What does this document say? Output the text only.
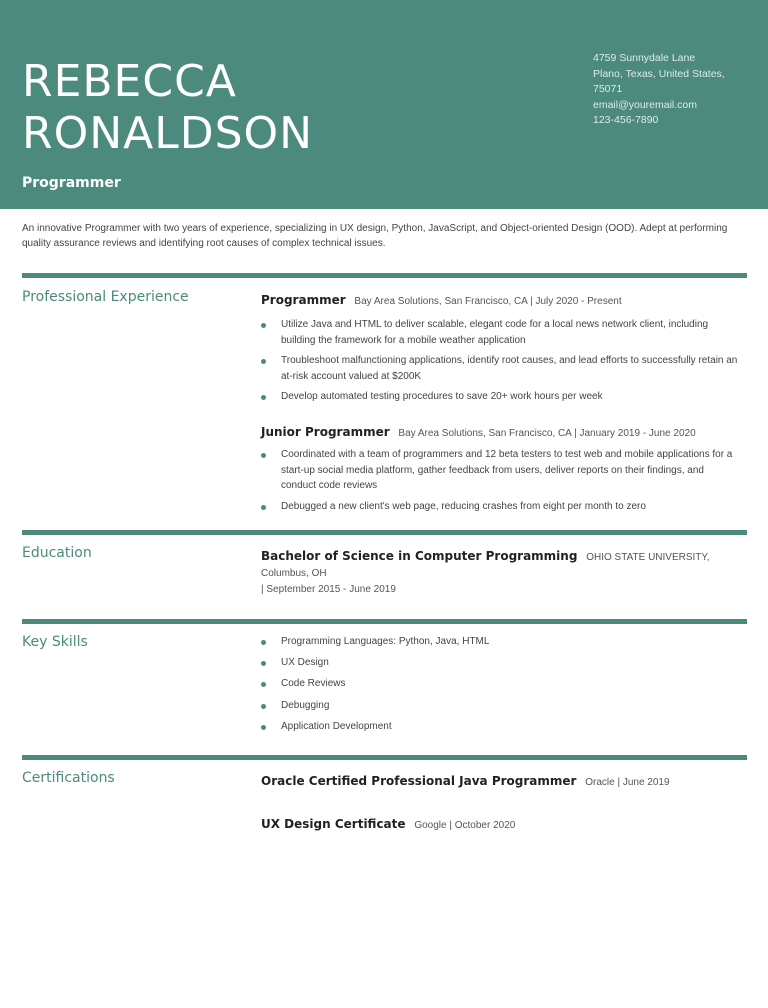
REBECCA
RONALDSON
Programmer
4759 Sunnydale Lane
Plano, Texas, United States,
75071
email@youremail.com
123-456-7890

An innovative Programmer with two years of experience, specializing in UX design, Python, JavaScript, and Object-oriented Design (OOD). Adept at performing quality assurance reviews and identifying root causes of complex technical issues.

Professional Experience	Programmer Bay Area Solutions, San Francisco, CA | July 2020 - Present
Utilize Java and HTML to deliver scalable, elegant code for a local news network client, including building the framework for a mobile weather application
Troubleshoot malfunctioning applications, identify root causes, and lead efforts to successfully retain an at-risk account valued at $200K
Develop automated testing procedures to save 20+ work hours per week
Junior Programmer Bay Area Solutions, San Francisco, CA | January 2019 - June 2020
Coordinated with a team of programmers and 12 beta testers to test web and mobile applications for a start-up social media platform, gather feedback from users, deliver reports on their findings, and conduct code reviews
Debugged a new client's web page, reducing crashes from eight per month to zero
Education	Bachelor of Science in Computer Programming OHIO STATE UNIVERSITY, Columbus, OH
| September 2015 - June 2019
Key Skills	Programming Languages: Python, Java, HTML
UX Design
Code Reviews
Debugging
Application Development
Certifications	Oracle Certified Professional Java Programmer Oracle | June 2019
UX Design Certificate Google | October 2020
